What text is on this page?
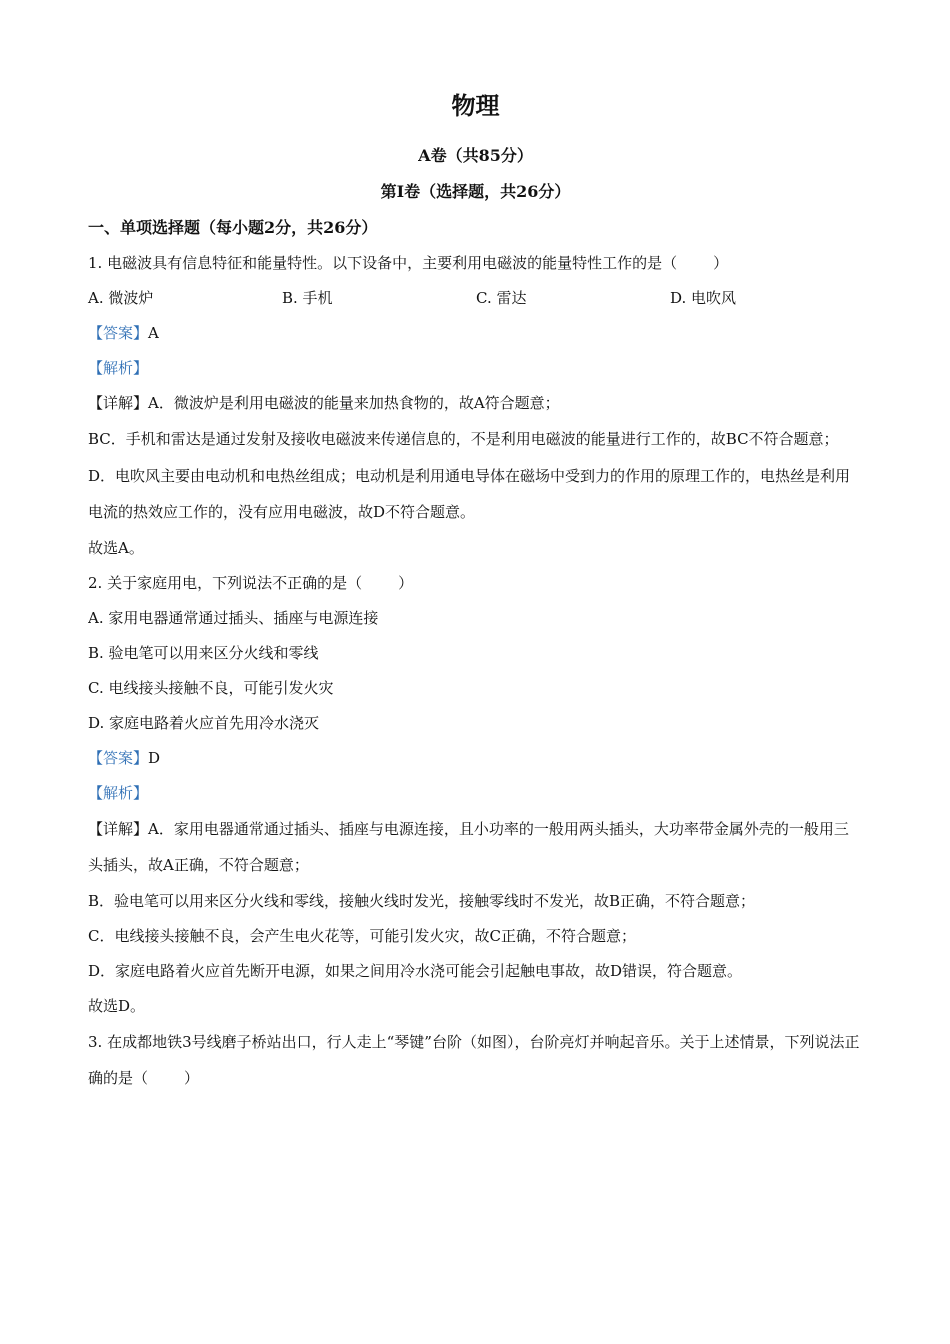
物理

A卷（共85分）

第I卷（选择题，共26分）

一、单项选择题（每小题2分，共26分）

1. 电磁波具有信息特征和能量特性。以下设备中，主要利用电磁波的能量特性工作的是（ ）

A. 微波炉	B. 手机	C. 雷达	D. 电吹风

【答案】A

【解析】

【详解】A．微波炉是利用电磁波的能量来加热食物的，故A符合题意；

BC．手机和雷达是通过发射及接收电磁波来传递信息的，不是利用电磁波的能量进行工作的，故BC不符合题意；

D．电吹风主要由电动机和电热丝组成；电动机是利用通电导体在磁场中受到力的作用的原理工作的，电热丝是利用电流的热效应工作的，没有应用电磁波，故D不符合题意。

故选A。

2. 关于家庭用电，下列说法不正确的是（ ）

A. 家用电器通常通过插头、插座与电源连接

B. 验电笔可以用来区分火线和零线

C. 电线接头接触不良，可能引发火灾

D. 家庭电路着火应首先用冷水浇灭

【答案】D

【解析】

【详解】A．家用电器通常通过插头、插座与电源连接，且小功率的一般用两头插头，大功率带金属外壳的一般用三头插头，故A正确，不符合题意；

B．验电笔可以用来区分火线和零线，接触火线时发光，接触零线时不发光，故B正确，不符合题意；

C．电线接头接触不良，会产生电火花等，可能引发火灾，故C正确，不符合题意；

D．家庭电路着火应首先断开电源，如果之间用冷水浇可能会引起触电事故，故D错误，符合题意。

故选D。

3. 在成都地铁3号线磨子桥站出口，行人走上“琴键”台阶（如图），台阶亮灯并响起音乐。关于上述情景，下列说法正确的是（ ）
